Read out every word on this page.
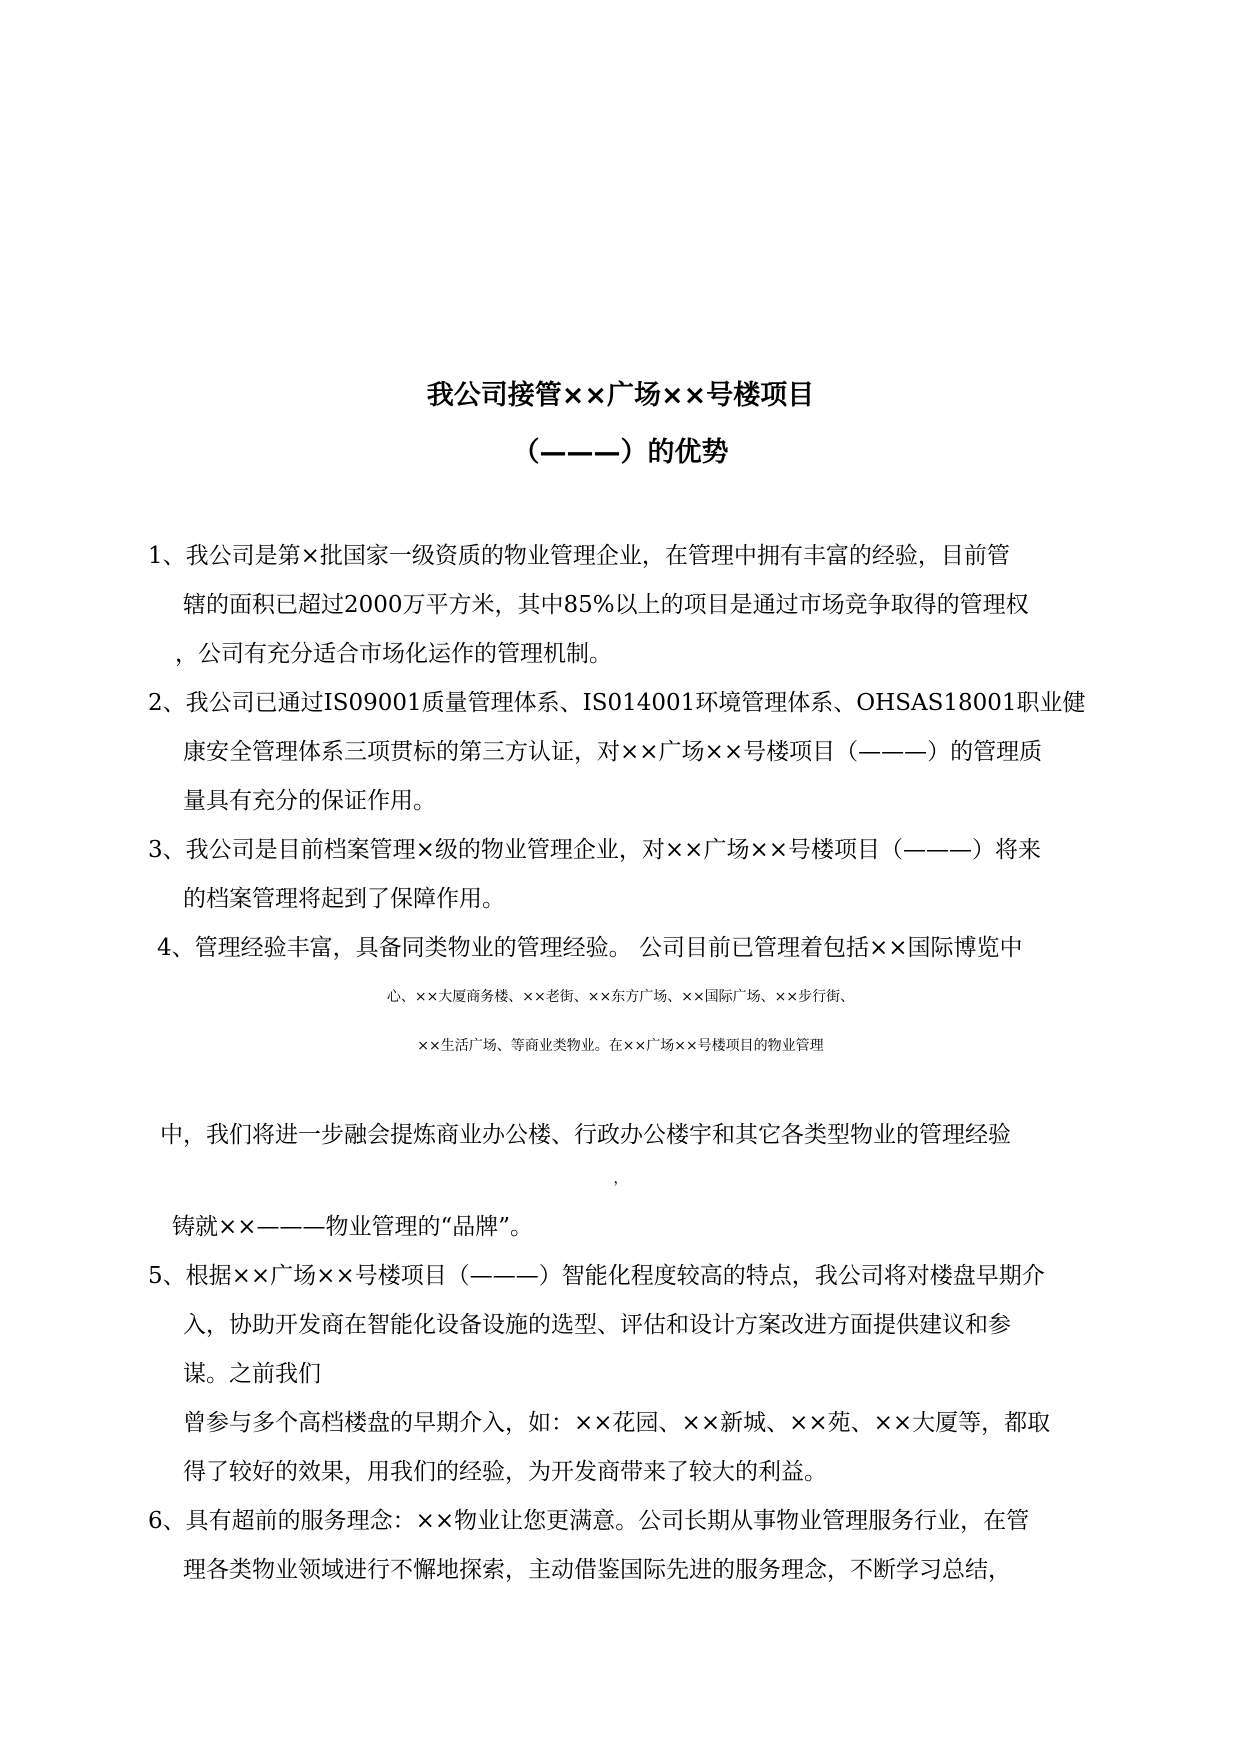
我公司接管××广场××号楼项目
（———）的优势
1、我公司是第×批国家一级资质的物业管理企业，在管理中拥有丰富的经验，目前管
辖的面积已超过2000万平方米，其中85%以上的项目是通过市场竞争取得的管理权
，公司有充分适合市场化运作的管理机制。
2、我公司已通过IS09001质量管理体系、IS014001环境管理体系、OHSAS18001职业健
康安全管理体系三项贯标的第三方认证，对××广场××号楼项目（———）的管理质
量具有充分的保证作用。
3、我公司是目前档案管理×级的物业管理企业，对××广场××号楼项目（———）将来
的档案管理将起到了保障作用。
4、管理经验丰富，具备同类物业的管理经验。 公司目前已管理着包括××国际博览中
心、××大厦商务楼、××老街、××东方广场、××国际广场、××步行街、
××生活广场、等商业类物业。在××广场××号楼项目的物业管理
中，我们将进一步融会提炼商业办公楼、行政办公楼宇和其它各类型物业的管理经验
，
铸就××———物业管理的“品牌”。
5、根据××广场××号楼项目（———）智能化程度较高的特点，我公司将对楼盘早期介
入，协助开发商在智能化设备设施的选型、评估和设计方案改进方面提供建议和参
谋。之前我们
曾参与多个高档楼盘的早期介入，如：××花园、××新城、××苑、××大厦等，都取
得了较好的效果，用我们的经验，为开发商带来了较大的利益。
6、具有超前的服务理念：××物业让您更满意。公司长期从事物业管理服务行业，在管
理各类物业领域进行不懈地探索，主动借鉴国际先进的服务理念，不断学习总结，
